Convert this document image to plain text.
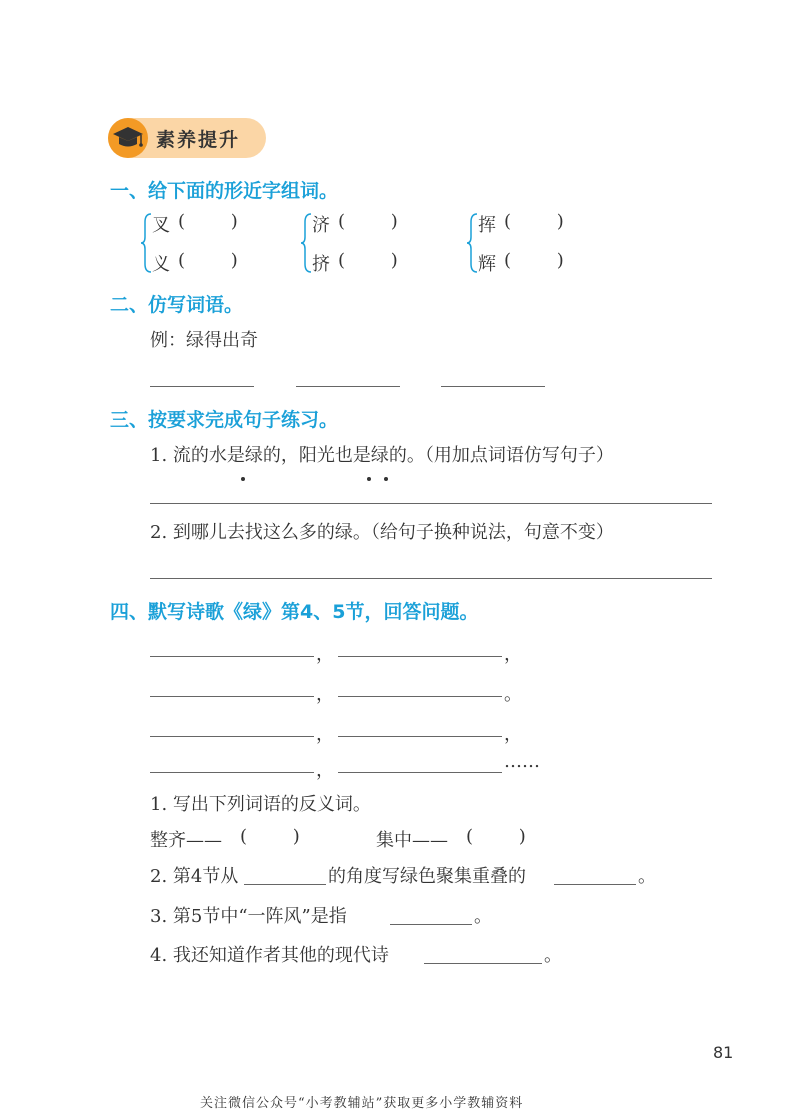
素养提升
一、给下面的形近字组词。
叉 (        )
义 (        )
济 (        )
挤 (        )
挥 (        )
辉 (        )
二、仿写词语。
例：绿得出奇
三、按要求完成句子练习。
1. 流的水是绿的，阳光也是绿的。（用加点词语仿写句子）
2. 到哪儿去找这么多的绿。（给句子换种说法，句意不变）
四、默写诗歌《绿》第4、5节，回答问题。
，	，
，	。
，	，
，	……
1. 写出下列词语的反义词。
整齐—— (        )	集中—— (        )
2. 第4节从	的角度写绿色聚集重叠的	。
3. 第5节中“一阵风”是指	。
4. 我还知道作者其他的现代诗	。
81
关注微信公众号“小考教辅站”获取更多小学教辅资料
